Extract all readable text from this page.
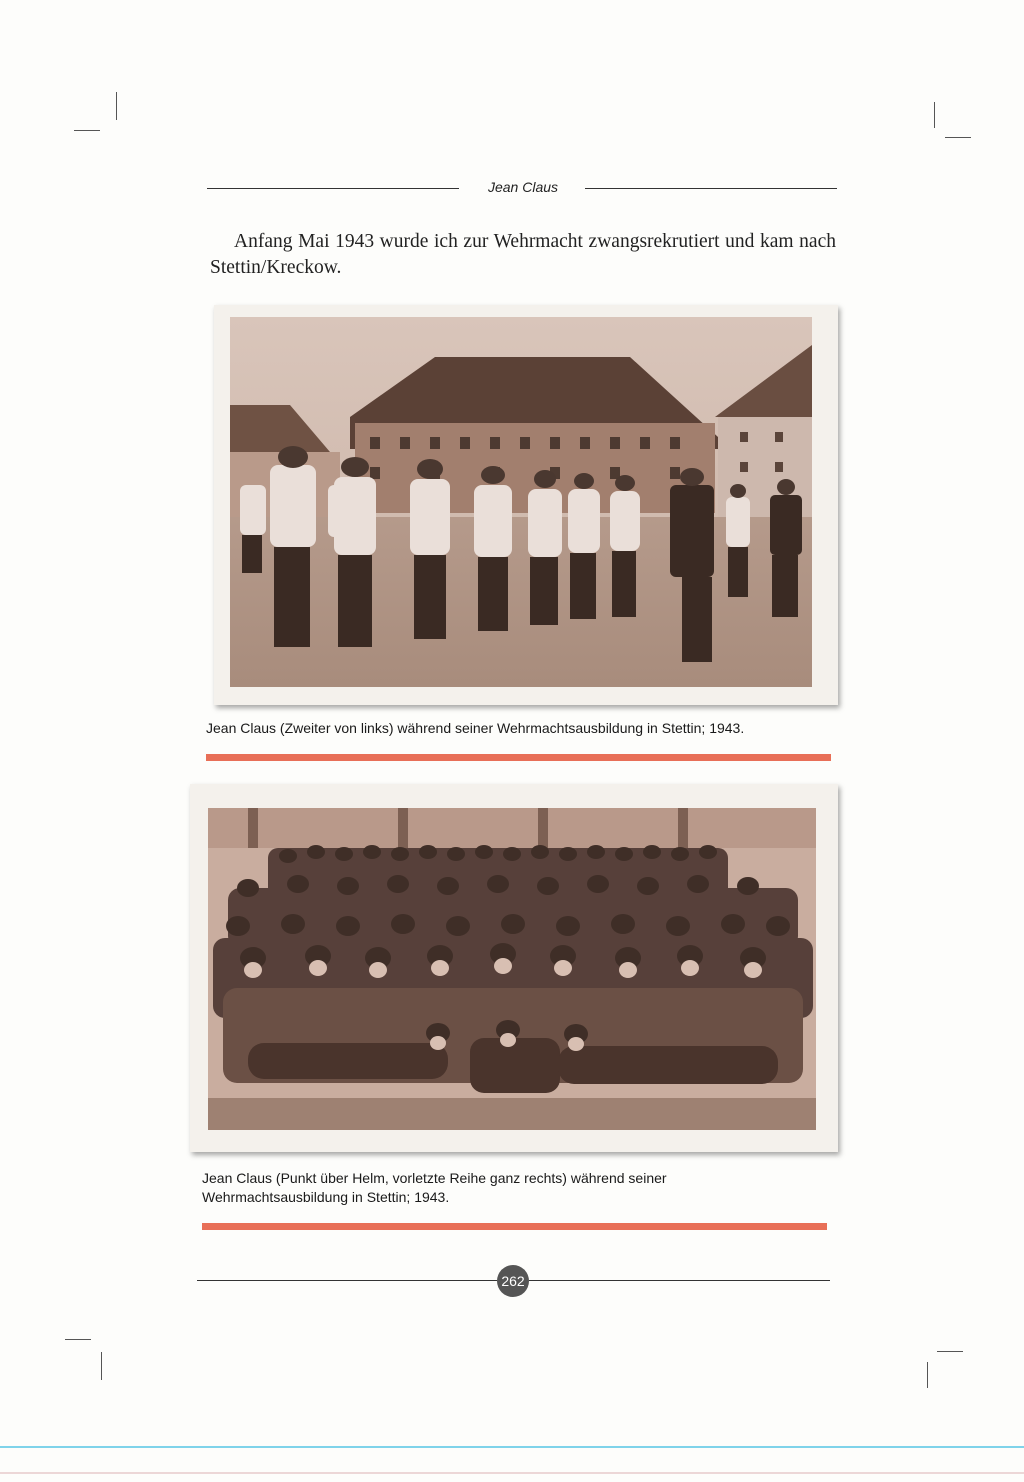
Jean Claus

Anfang Mai 1943 wurde ich zur Wehrmacht zwangsrekrutiert und kam nach Stettin/Kreckow.

Jean Claus (Zweiter von links) während seiner Wehrmachtsausbildung in Stettin; 1943.

Jean Claus (Punkt über Helm, vorletzte Reihe ganz rechts) während seiner Wehrmachtsausbildung in Stettin; 1943.

262
